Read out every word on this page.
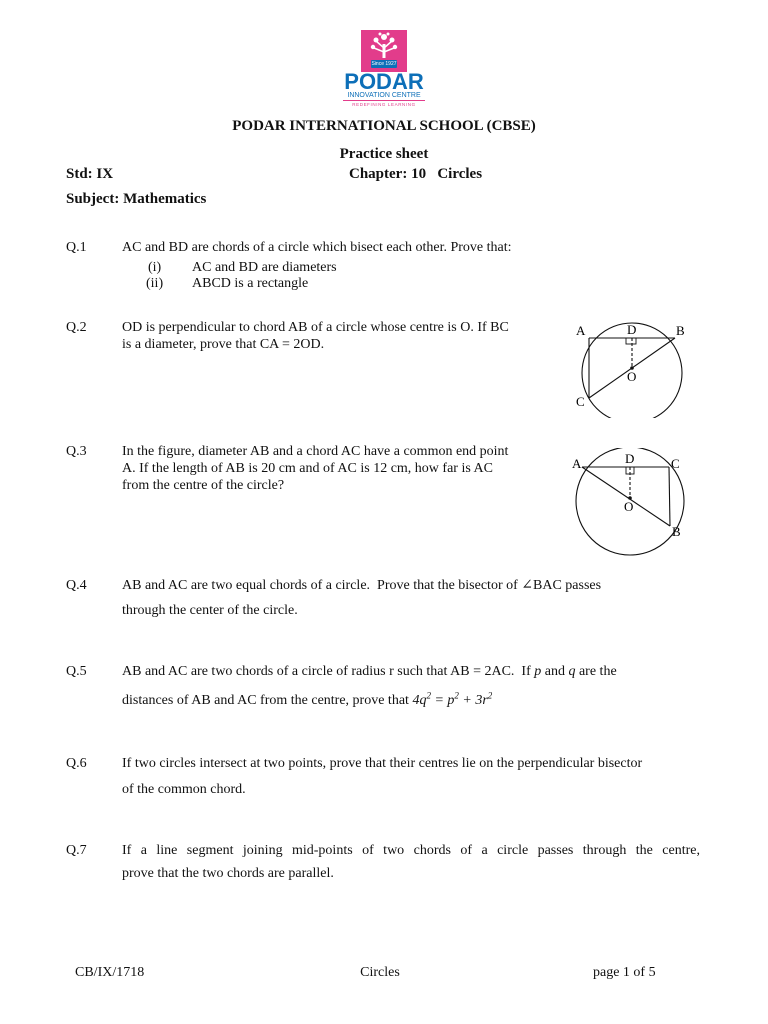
Since 1927
PODAR
INNOVATION CENTRE
REDEFINING LEARNING
PODAR INTERNATIONAL SCHOOL (CBSE)
Practice sheet
Std: IX	Chapter: 10   Circles
Subject: Mathematics
Q.1	AC and BD are chords of a circle which bisect each other. Prove that:
(i) AC and BD are diameters
(ii) ABCD is a rectangle
Q.2	OD is perpendicular to chord AB of a circle whose centre is O. If BC
is a diameter, prove that CA = 2OD.
A	D	B
O
C
Q.3	In the figure, diameter AB and a chord AC have a common end point
A. If the length of AB is 20 cm and of AC is 12 cm, how far is AC
from the centre of the circle?
A	D	C
O
B
Q.4	AB and AC are two equal chords of a circle.  Prove that the bisector of ∠BAC passes
through the center of the circle.
Q.5	AB and AC are two chords of a circle of radius r such that AB = 2AC.  If p and q are the
distances of AB and AC from the centre, prove that $4q^2 = p^2 + 3r^2$
Q.6	If two circles intersect at two points, prove that their centres lie on the perpendicular bisector
of the common chord.
Q.7	If a line segment joining mid-points of two chords of a circle passes through the centre,
prove that the two chords are parallel.
CB/IX/1718	Circles	page 1 of 5
